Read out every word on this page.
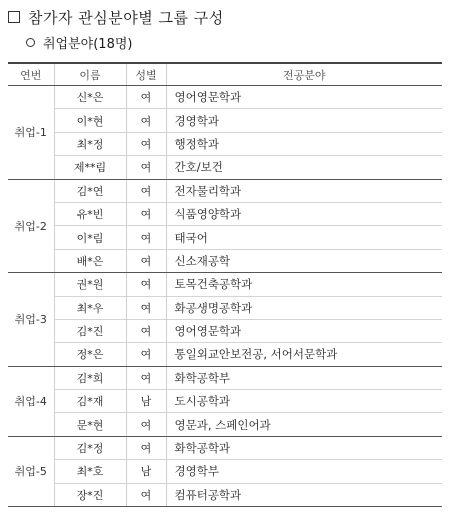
참가자 관심분야별 그룹 구성
취업분야(18명)
연번	이름	성별	전공분야
취업-1	신*은	여	영어영문학과
	이*현	여	경영학과
	최*정	여	행정학과
	제**림	여	간호/보건
취업-2	김*연	여	전자물리학과
	유*빈	여	식품영양학과
	이*림	여	태국어
	배*은	여	신소재공학
취업-3	권*원	여	토목건축공학과
	최*우	여	화공생명공학과
	김*진	여	영어영문학과
	정*은	여	통일외교안보전공, 서어서문학과
취업-4	김*희	여	화학공학부
	김*재	남	도시공학과
	문*현	여	영문과, 스페인어과
취업-5	김*정	여	화학공학과
	최*호	남	경영학부
	장*진	여	컴퓨터공학과
